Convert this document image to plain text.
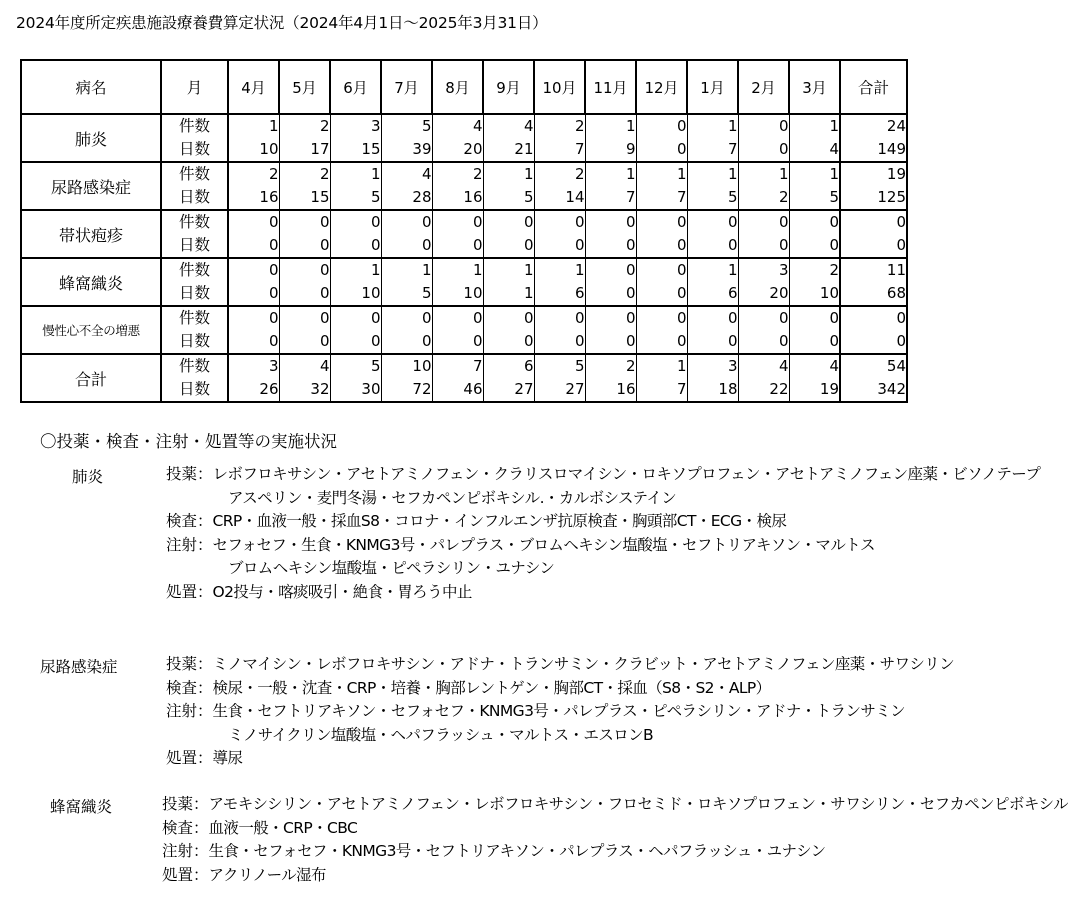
2024年度所定疾患施設療養費算定状況（2024年4月1日～2025年3月31日）
病名	月	4月	5月	6月	7月	8月	9月	10月	11月	12月	1月	2月	3月	合計
肺炎	件数	1	2	3	5	4	4	2	1	0	1	0	1	24
	日数	10	17	15	39	20	21	7	9	0	7	0	4	149
尿路感染症	件数	2	2	1	4	2	1	2	1	1	1	1	1	19
	日数	16	15	5	28	16	5	14	7	7	5	2	5	125
帯状疱疹	件数	0	0	0	0	0	0	0	0	0	0	0	0	0
	日数	0	0	0	0	0	0	0	0	0	0	0	0	0
蜂窩織炎	件数	0	0	1	1	1	1	1	0	0	1	3	2	11
	日数	0	0	10	5	10	1	6	0	0	6	20	10	68
慢性心不全の増悪	件数	0	0	0	0	0	0	0	0	0	0	0	0	0
	日数	0	0	0	0	0	0	0	0	0	0	0	0	0
合計	件数	3	4	5	10	7	6	5	2	1	3	4	4	54
	日数	26	32	30	72	46	27	27	16	7	18	22	19	342
〇投薬・検査・注射・処置等の実施状況
肺炎	投薬：レボフロキサシン・アセトアミノフェン・クラリスロマイシン・ロキソプロフェン・アセトアミノフェン座薬・ビソノテープ
アスペリン・麦門冬湯・セフカペンピボキシル.・カルボシステイン
検査：CRP・血液一般・採血S8・コロナ・インフルエンザ抗原検査・胸頭部CT・ECG・検尿
注射：セフォセフ・生食・KNMG3号・パレプラス・ブロムヘキシン塩酸塩・セフトリアキソン・マルトス
ブロムヘキシン塩酸塩・ピペラシリン・ユナシン
処置：O2投与・喀痰吸引・絶食・胃ろう中止
尿路感染症	投薬：ミノマイシン・レボフロキサシン・アドナ・トランサミン・クラビット・アセトアミノフェン座薬・サワシリン
検査：検尿・一般・沈査・CRP・培養・胸部レントゲン・胸部CT・採血（S8・S2・ALP）
注射：生食・セフトリアキソン・セフォセフ・KNMG3号・パレプラス・ピペラシリン・アドナ・トランサミン
ミノサイクリン塩酸塩・ヘパフラッシュ・マルトス・エスロンB
処置：導尿
蜂窩織炎	投薬：アモキシシリン・アセトアミノフェン・レボフロキサシン・フロセミド・ロキソプロフェン・サワシリン・セフカペンピボキシル
検査：血液一般・CRP・CBC
注射：生食・セフォセフ・KNMG3号・セフトリアキソン・パレプラス・ヘパフラッシュ・ユナシン
処置：アクリノール湿布
